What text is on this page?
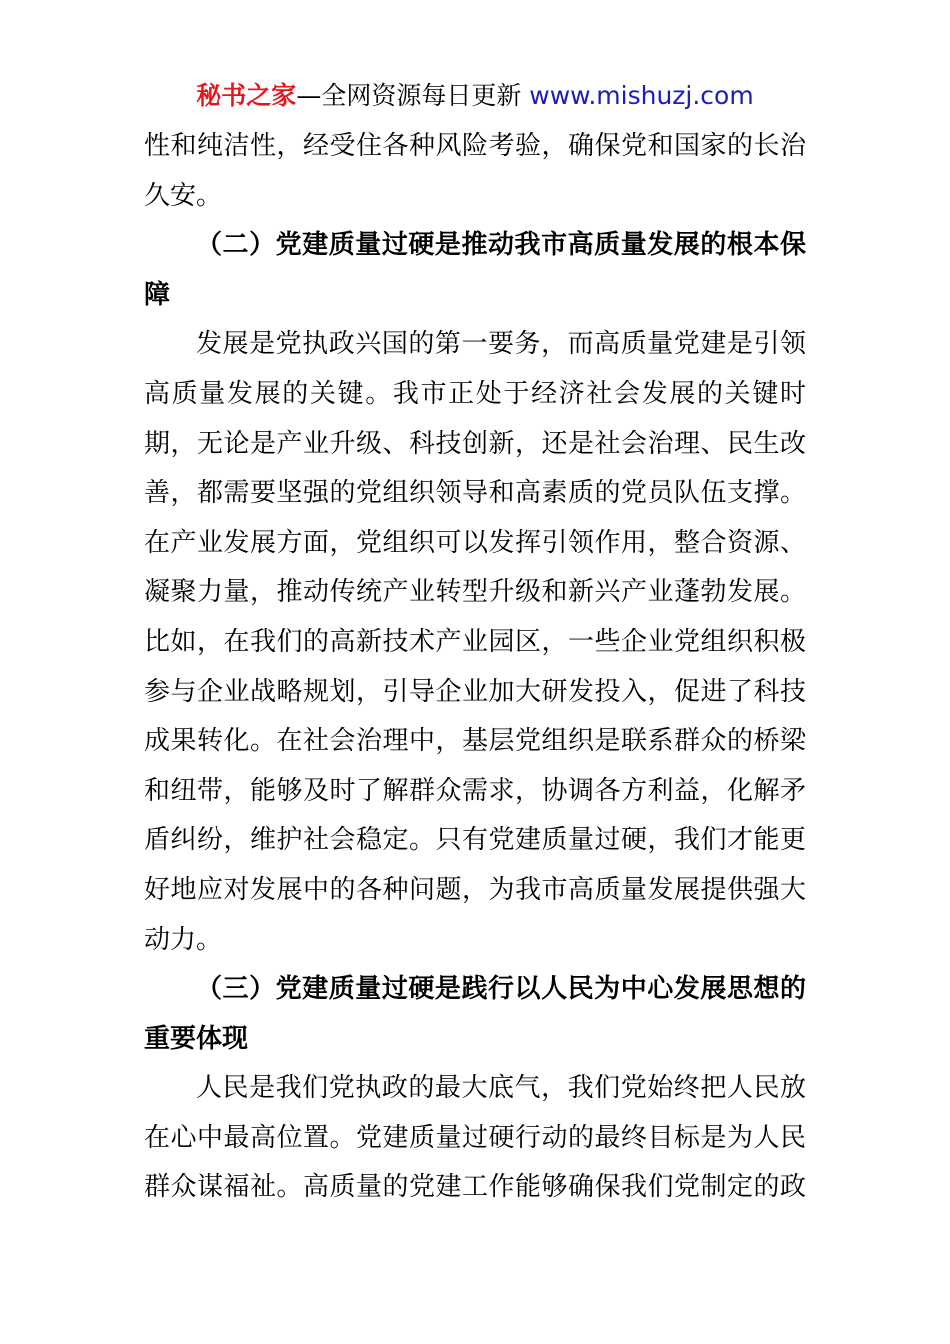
秘书之家—全网资源每日更新 www.mishuzj.com
性和纯洁性，经受住各种风险考验，确保党和国家的长治
久安。
（二）党建质量过硬是推动我市高质量发展的根本保
障
发展是党执政兴国的第一要务，而高质量党建是引领
高质量发展的关键。我市正处于经济社会发展的关键时
期，无论是产业升级、科技创新，还是社会治理、民生改
善，都需要坚强的党组织领导和高素质的党员队伍支撑。
在产业发展方面，党组织可以发挥引领作用，整合资源、
凝聚力量，推动传统产业转型升级和新兴产业蓬勃发展。
比如，在我们的高新技术产业园区，一些企业党组织积极
参与企业战略规划，引导企业加大研发投入，促进了科技
成果转化。在社会治理中，基层党组织是联系群众的桥梁
和纽带，能够及时了解群众需求，协调各方利益，化解矛
盾纠纷，维护社会稳定。只有党建质量过硬，我们才能更
好地应对发展中的各种问题，为我市高质量发展提供强大
动力。
（三）党建质量过硬是践行以人民为中心发展思想的
重要体现
人民是我们党执政的最大底气，我们党始终把人民放
在心中最高位置。党建质量过硬行动的最终目标是为人民
群众谋福祉。高质量的党建工作能够确保我们党制定的政
